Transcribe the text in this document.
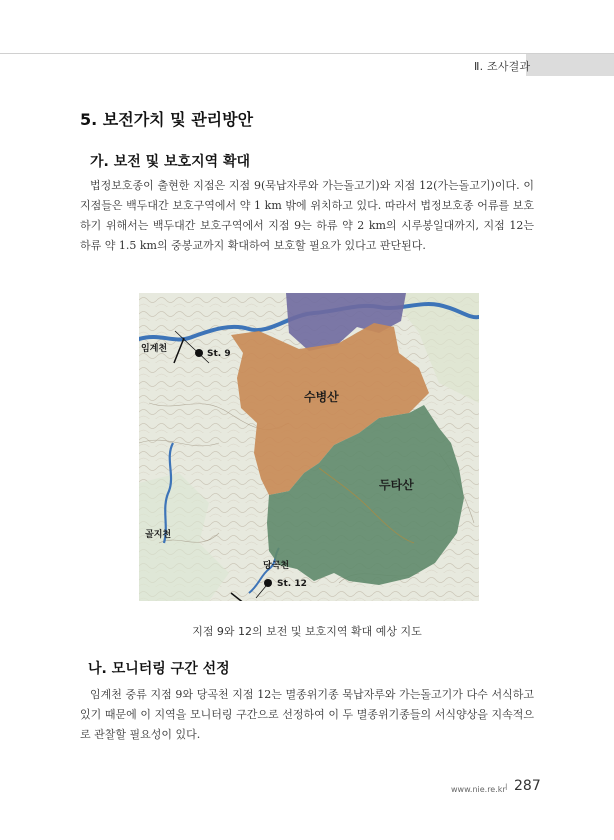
Ⅱ. 조사결과
5. 보전가치 및 관리방안
가. 보전 및 보호지역 확대

법정보호종이 출현한 지점은 지점 9(묵납자루와 가는돌고기)와 지점 12(가는돌고기)이다. 이 지점들은 백두대간 보호구역에서 약 1 km 밖에 위치하고 있다. 따라서 법정보호종 어류를 보호하기 위해서는 백두대간 보호구역에서 지점 9는 하류 약 2 km의 시루봉일대까지, 지점 12는 하류 약 1.5 km의 중봉교까지 확대하여 보호할 필요가 있다고 판단된다.

임계천	St. 9
수병산
두타산
골지천
당곡천
St. 12
지점 9와 12의 보전 및 보호지역 확대 예상 지도
나. 모니터링 구간 선정

임계천 중류 지점 9와 당곡천 지점 12는 멸종위기종 묵납자루와 가는돌고기가 다수 서식하고 있기 때문에 이 지역을 모니터링 구간으로 선정하여 이 두 멸종위기종들의 서식양상을 지속적으로 관찰할 필요성이 있다.

www.nie.re.kr I 287
